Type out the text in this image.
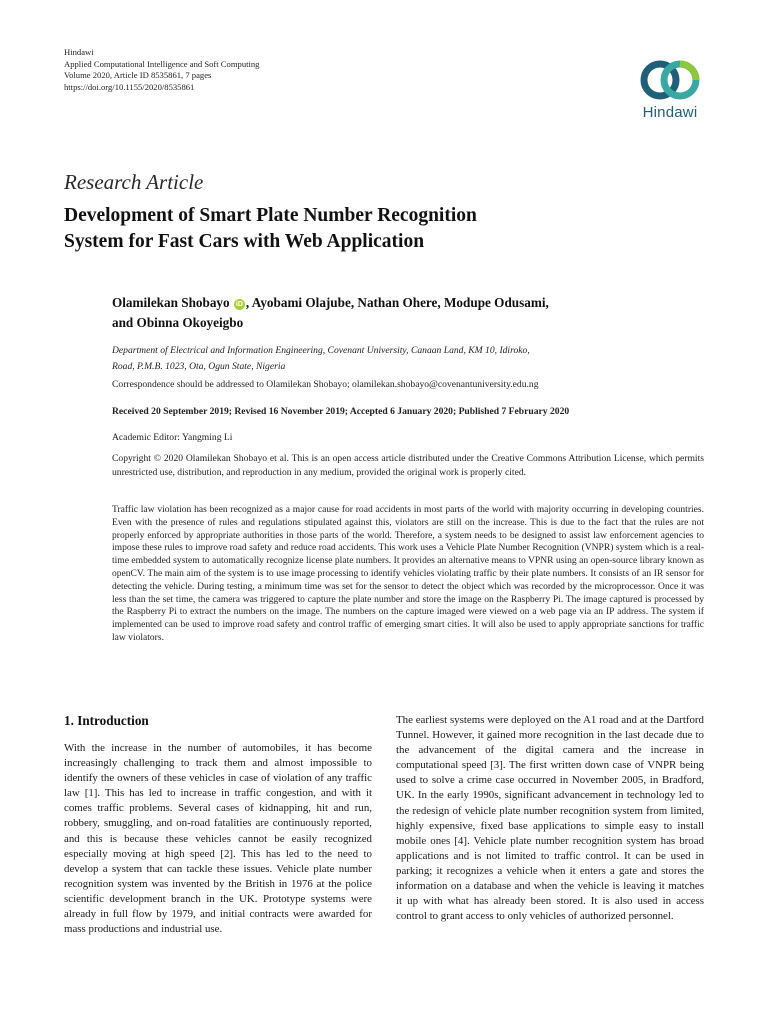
Hindawi
Applied Computational Intelligence and Soft Computing
Volume 2020, Article ID 8535861, 7 pages
https://doi.org/10.1155/2020/8535861
Hindawi
Research Article
Development of Smart Plate Number Recognition
System for Fast Cars with Web Application
Olamilekan Shobayo iD , Ayobami Olajube, Nathan Ohere, Modupe Odusami,
and Obinna Okoyeigbo
Department of Electrical and Information Engineering, Covenant University, Canaan Land, KM 10, Idiroko,
Road, P.M.B. 1023, Ota, Ogun State, Nigeria
Correspondence should be addressed to Olamilekan Shobayo; olamilekan.shobayo@covenantuniversity.edu.ng
Received 20 September 2019; Revised 16 November 2019; Accepted 6 January 2020; Published 7 February 2020
Academic Editor: Yangming Li
Copyright © 2020 Olamilekan Shobayo et al. This is an open access article distributed under the Creative Commons Attribution License, which permits unrestricted use, distribution, and reproduction in any medium, provided the original work is properly cited.
Traffic law violation has been recognized as a major cause for road accidents in most parts of the world with majority occurring in developing countries. Even with the presence of rules and regulations stipulated against this, violators are still on the increase. This is due to the fact that the rules are not properly enforced by appropriate authorities in those parts of the world. Therefore, a system needs to be designed to assist law enforcement agencies to impose these rules to improve road safety and reduce road accidents. This work uses a Vehicle Plate Number Recognition (VNPR) system which is a real-time embedded system to automatically recognize license plate numbers. It provides an alternative means to VPNR using an open-source library known as openCV. The main aim of the system is to use image processing to identify vehicles violating traffic by their plate numbers. It consists of an IR sensor for detecting the vehicle. During testing, a minimum time was set for the sensor to detect the object which was recorded by the microprocessor. Once it was less than the set time, the camera was triggered to capture the plate number and store the image on the Raspberry Pi. The image captured is processed by the Raspberry Pi to extract the numbers on the image. The numbers on the capture imaged were viewed on a web page via an IP address. The system if implemented can be used to improve road safety and control traffic of emerging smart cities. It will also be used to apply appropriate sanctions for traffic law violators.
1. Introduction

With the increase in the number of automobiles, it has become increasingly challenging to track them and almost impossible to identify the owners of these vehicles in case of violation of any traffic law [1]. This has led to increase in traffic congestion, and with it comes traffic problems. Several cases of kidnapping, hit and run, robbery, smuggling, and on-road fatalities are continuously reported, and this is because these vehicles cannot be easily recognized especially moving at high speed [2]. This has led to the need to develop a system that can tackle these issues. Vehicle plate number recognition system was invented by the British in 1976 at the police scientific development branch in the UK. Prototype systems were already in full flow by 1979, and initial contracts were awarded for mass productions and industrial use.

The earliest systems were deployed on the A1 road and at the Dartford Tunnel. However, it gained more recognition in the last decade due to the advancement of the digital camera and the increase in computational speed [3]. The first written down case of VNPR being used to solve a crime case occurred in November 2005, in Bradford, UK. In the early 1990s, significant advancement in technology led to the redesign of vehicle plate number recognition system from limited, highly expensive, fixed base applications to simple easy to install mobile ones [4]. Vehicle plate number recognition system has broad applications and is not limited to traffic control. It can be used in parking; it recognizes a vehicle when it enters a gate and stores the information on a database and when the vehicle is leaving it matches it up with what has already been stored. It is also used in access control to grant access to only vehicles of authorized personnel.
